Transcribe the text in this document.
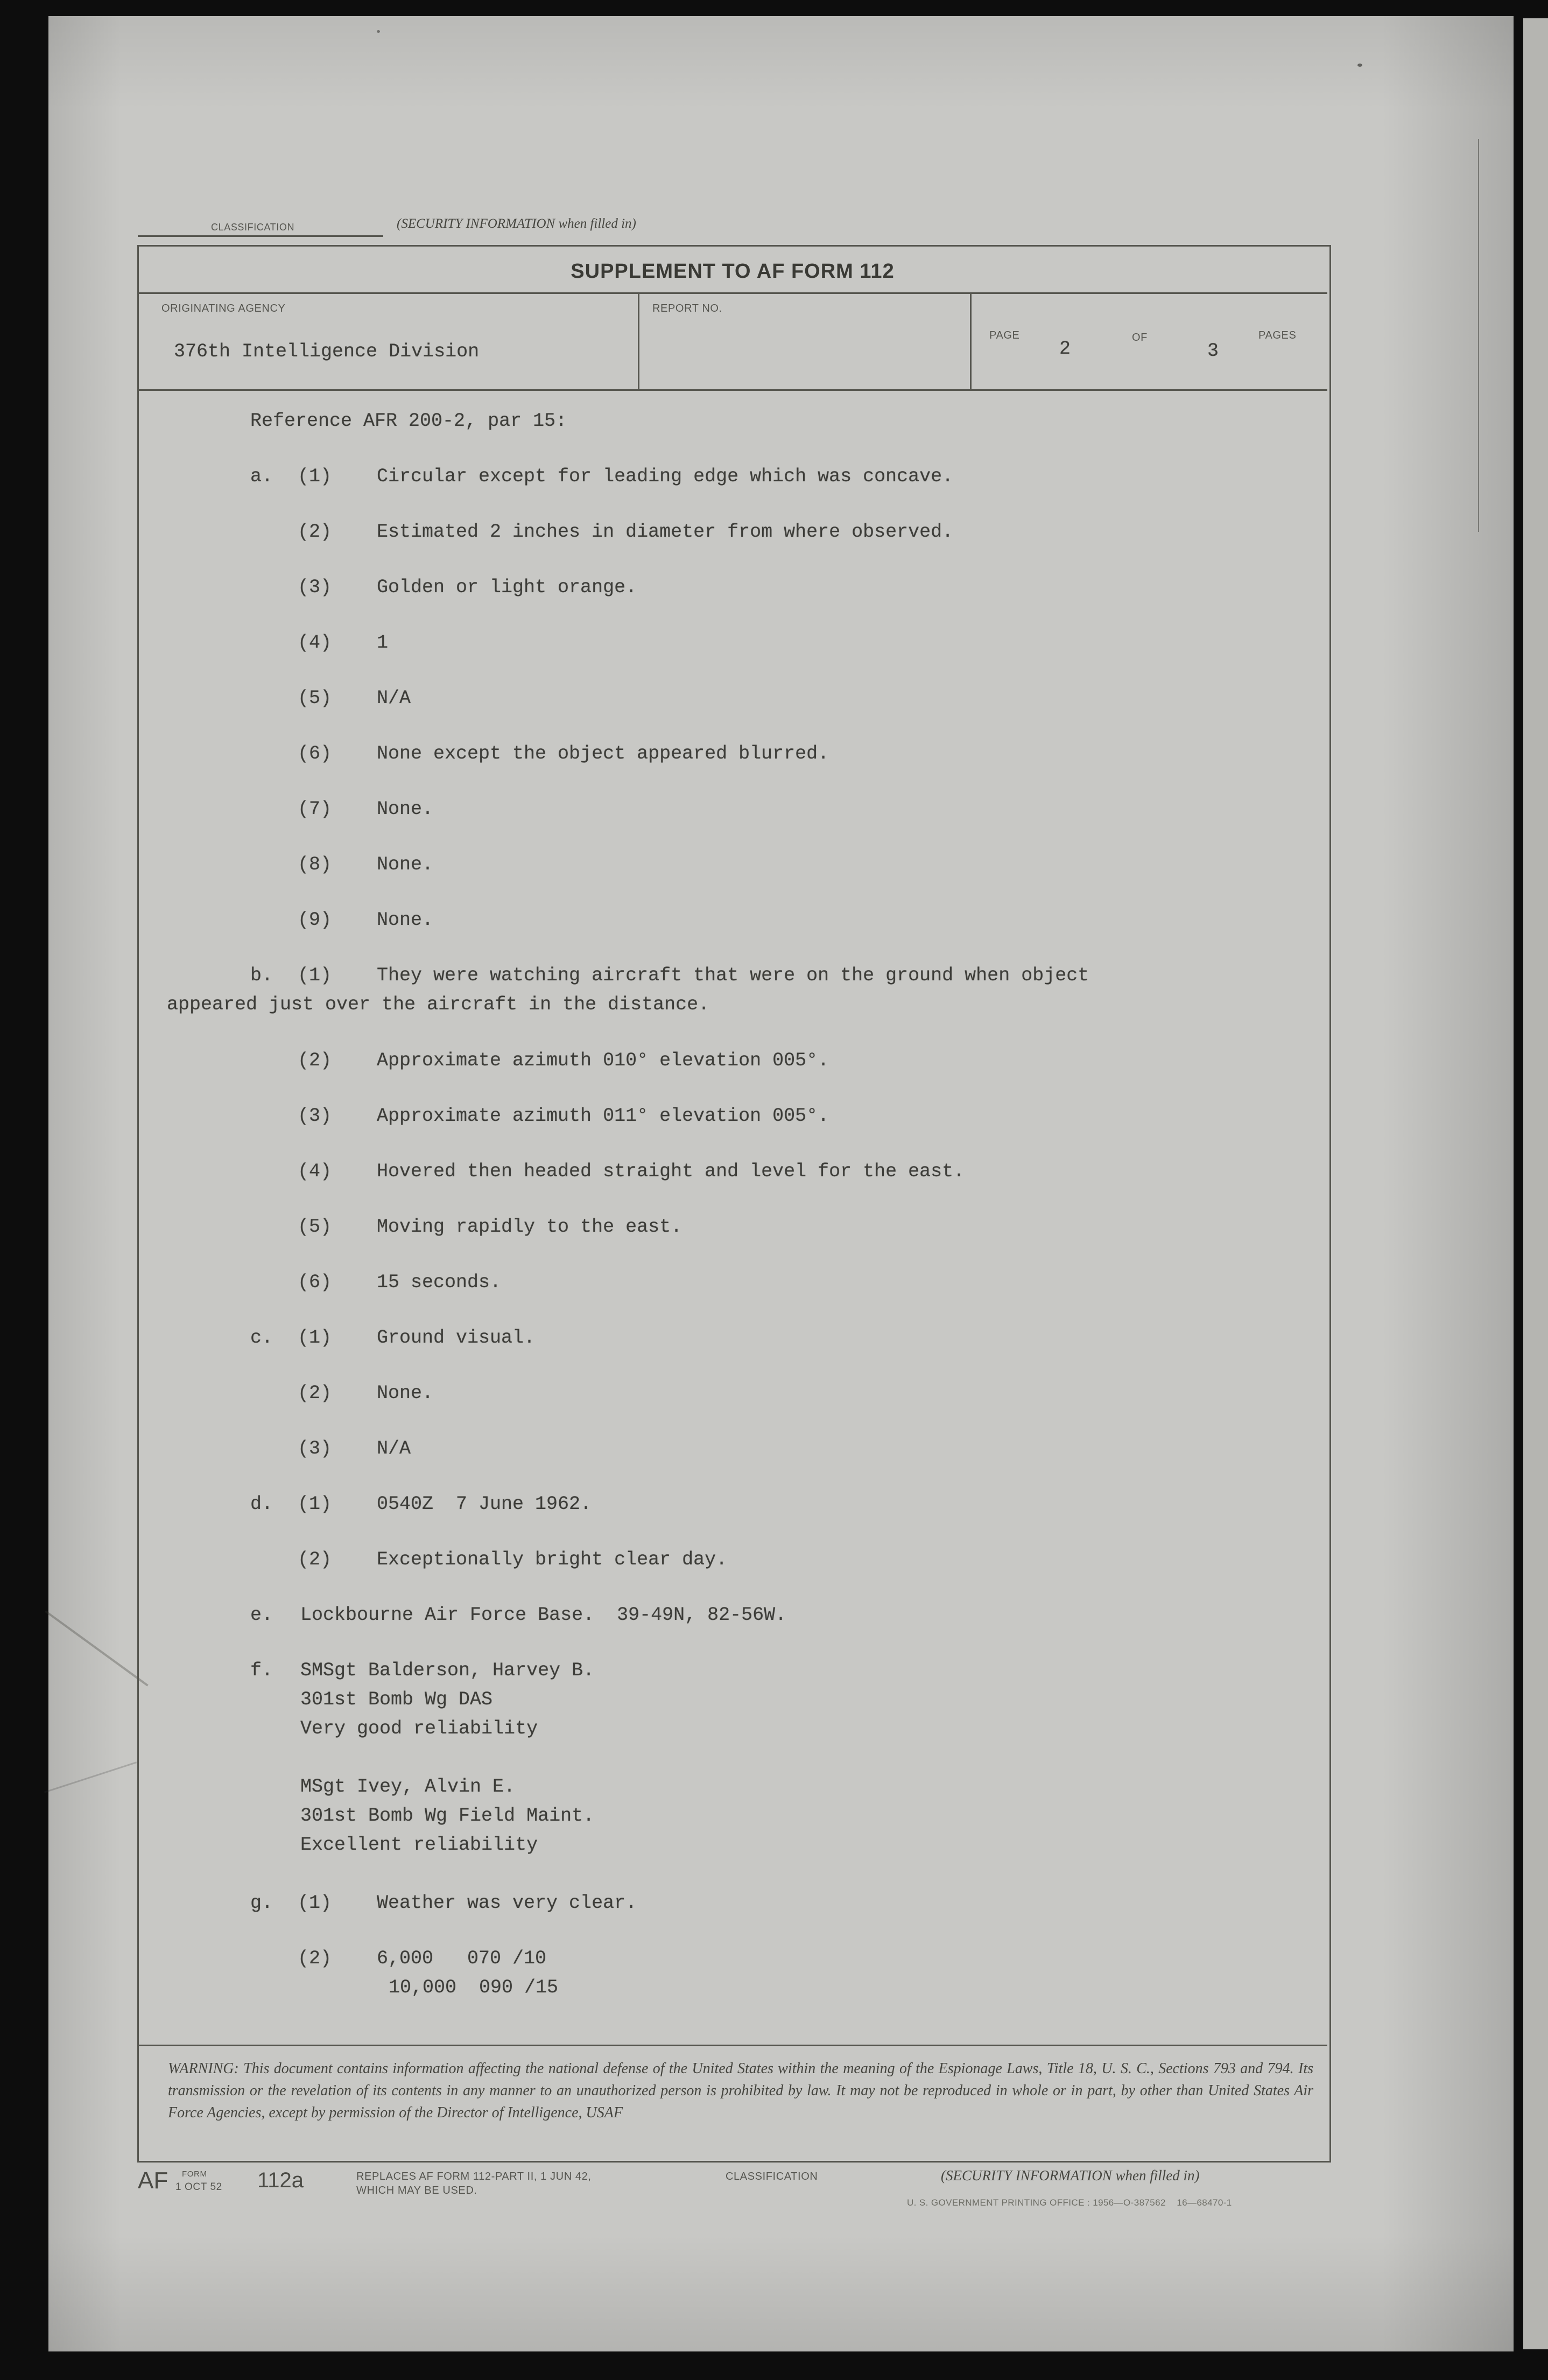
CLASSIFICATION	(SECURITY INFORMATION when filled in)
SUPPLEMENT TO AF FORM 112
ORIGINATING AGENCY
376th Intelligence Division
REPORT NO.
PAGE
2
OF
3
PAGES
Reference AFR 200-2, par 15:
a. (1) Circular except for leading edge which was concave.
(2) Estimated 2 inches in diameter from where observed.
(3) Golden or light orange.
(4) 1
(5) N/A
(6) None except the object appeared blurred.
(7) None.
(8) None.
(9) None.
b. (1) They were watching aircraft that were on the ground when object
appeared just over the aircraft in the distance.
(2) Approximate azimuth 010° elevation 005°.
(3) Approximate azimuth 011° elevation 005°.
(4) Hovered then headed straight and level for the east.
(5) Moving rapidly to the east.
(6) 15 seconds.
c. (1) Ground visual.
(2) None.
(3) N/A
d. (1) 0540Z  7 June 1962.
(2) Exceptionally bright clear day.
e. Lockbourne Air Force Base.  39-49N, 82-56W.
f. SMSgt Balderson, Harvey B.
301st Bomb Wg DAS
Very good reliability
MSgt Ivey, Alvin E.
301st Bomb Wg Field Maint.
Excellent reliability
g. (1) Weather was very clear.
(2) 6,000   070 /10
10,000  090 /15
WARNING: This document contains information affecting the national defense of the United States within the meaning of the Espionage Laws, Title 18, U. S. C., Sections 793 and 794. Its transmission or the revelation of its contents in any manner to an unauthorized person is prohibited by law. It may not be reproduced in whole or in part, by other than United States Air Force Agencies, except by permission of the Director of Intelligence, USAF
AF FORM
1 OCT 52 112a	REPLACES AF FORM 112-PART II, 1 JUN 42,
WHICH MAY BE USED.
CLASSIFICATION	(SECURITY INFORMATION when filled in)
U. S. GOVERNMENT PRINTING OFFICE : 1956—O-387562    16—68470-1
